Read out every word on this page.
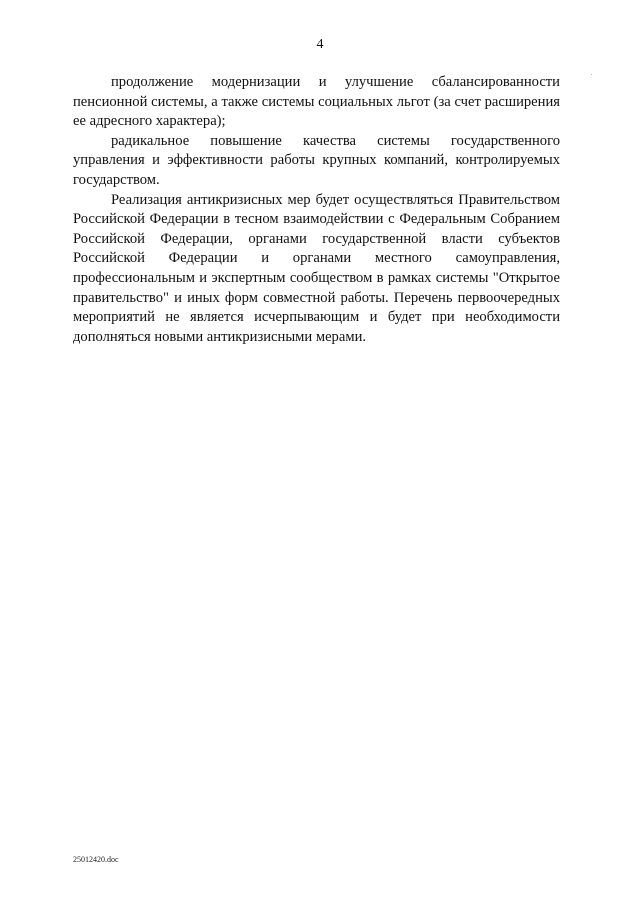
4

продолжение модернизации и улучшение сбалансированности пенсионной системы, а также системы социальных льгот (за счет расширения ее адресного характера);

радикальное повышение качества системы государственного управления и эффективности работы крупных компаний, контролируемых государством.

Реализация антикризисных мер будет осуществляться Правительством Российской Федерации в тесном взаимодействии с Федеральным Собранием Российской Федерации, органами государственной власти субъектов Российской Федерации и органами местного самоуправления, профессиональным и экспертным сообществом в рамках системы "Открытое правительство" и иных форм совместной работы. Перечень первоочередных мероприятий не является исчерпывающим и будет при необходимости дополняться новыми антикризисными мерами.

25012420.doc
